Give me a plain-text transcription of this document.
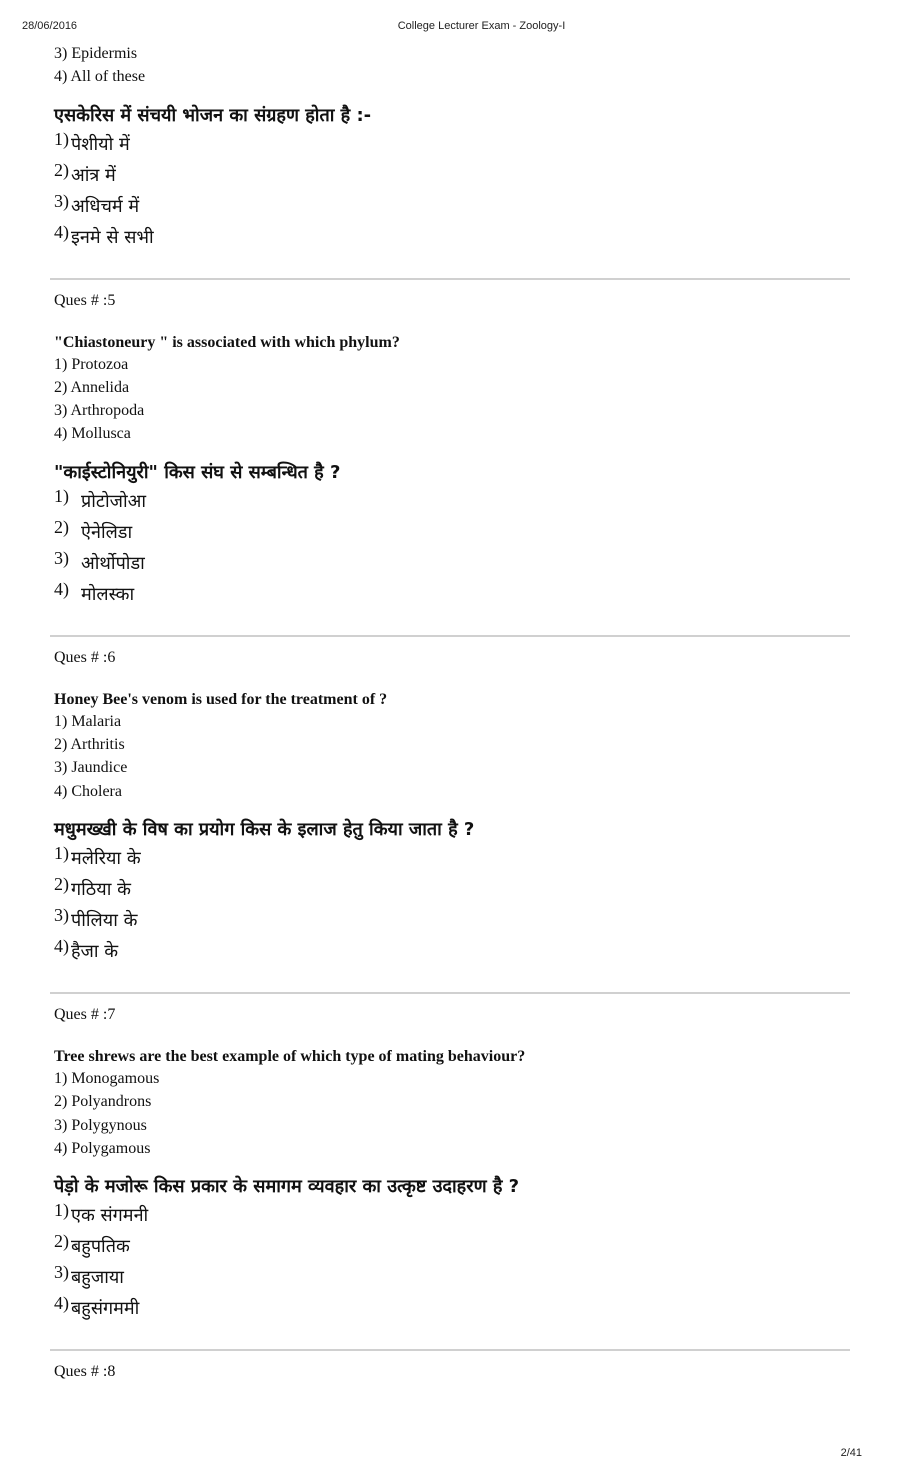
28/06/2016	College Lecturer Exam - Zoology-I
3) Epidermis
4) All of these
एसकेरिस में संचयी भोजन का संग्रहण होता है :-
1) पेशीयो में
2) आंत्र में
3) अधिचर्म में
4) इनमे से सभी
Ques # :5
"Chiastoneury " is associated with which phylum?
1) Protozoa
2) Annelida
3) Arthropoda
4) Mollusca
"काईस्टोनियुरी" किस संघ से सम्बन्धित है ?
1) प्रोटोजोआ
2) ऐनेलिडा
3) ओर्थोपोडा
4) मोलस्का
Ques # :6
Honey Bee's venom is used for the treatment of ?
1) Malaria
2) Arthritis
3) Jaundice
4) Cholera
मधुमख्खी के विष का प्रयोग किस के इलाज हेतु किया जाता है ?
1) मलेरिया के
2) गठिया के
3) पीलिया के
4) हैजा के
Ques # :7
Tree shrews are the best example of which type of mating behaviour?
1) Monogamous
2) Polyandrons
3) Polygynous
4) Polygamous
पेड़ो के मजोरू किस प्रकार के समागम व्यवहार का उत्कृष्ट उदाहरण है ?
1) एक संगमनी
2) बहुपतिक
3) बहुजाया
4) बहुसंगममी
Ques # :8
2/41
